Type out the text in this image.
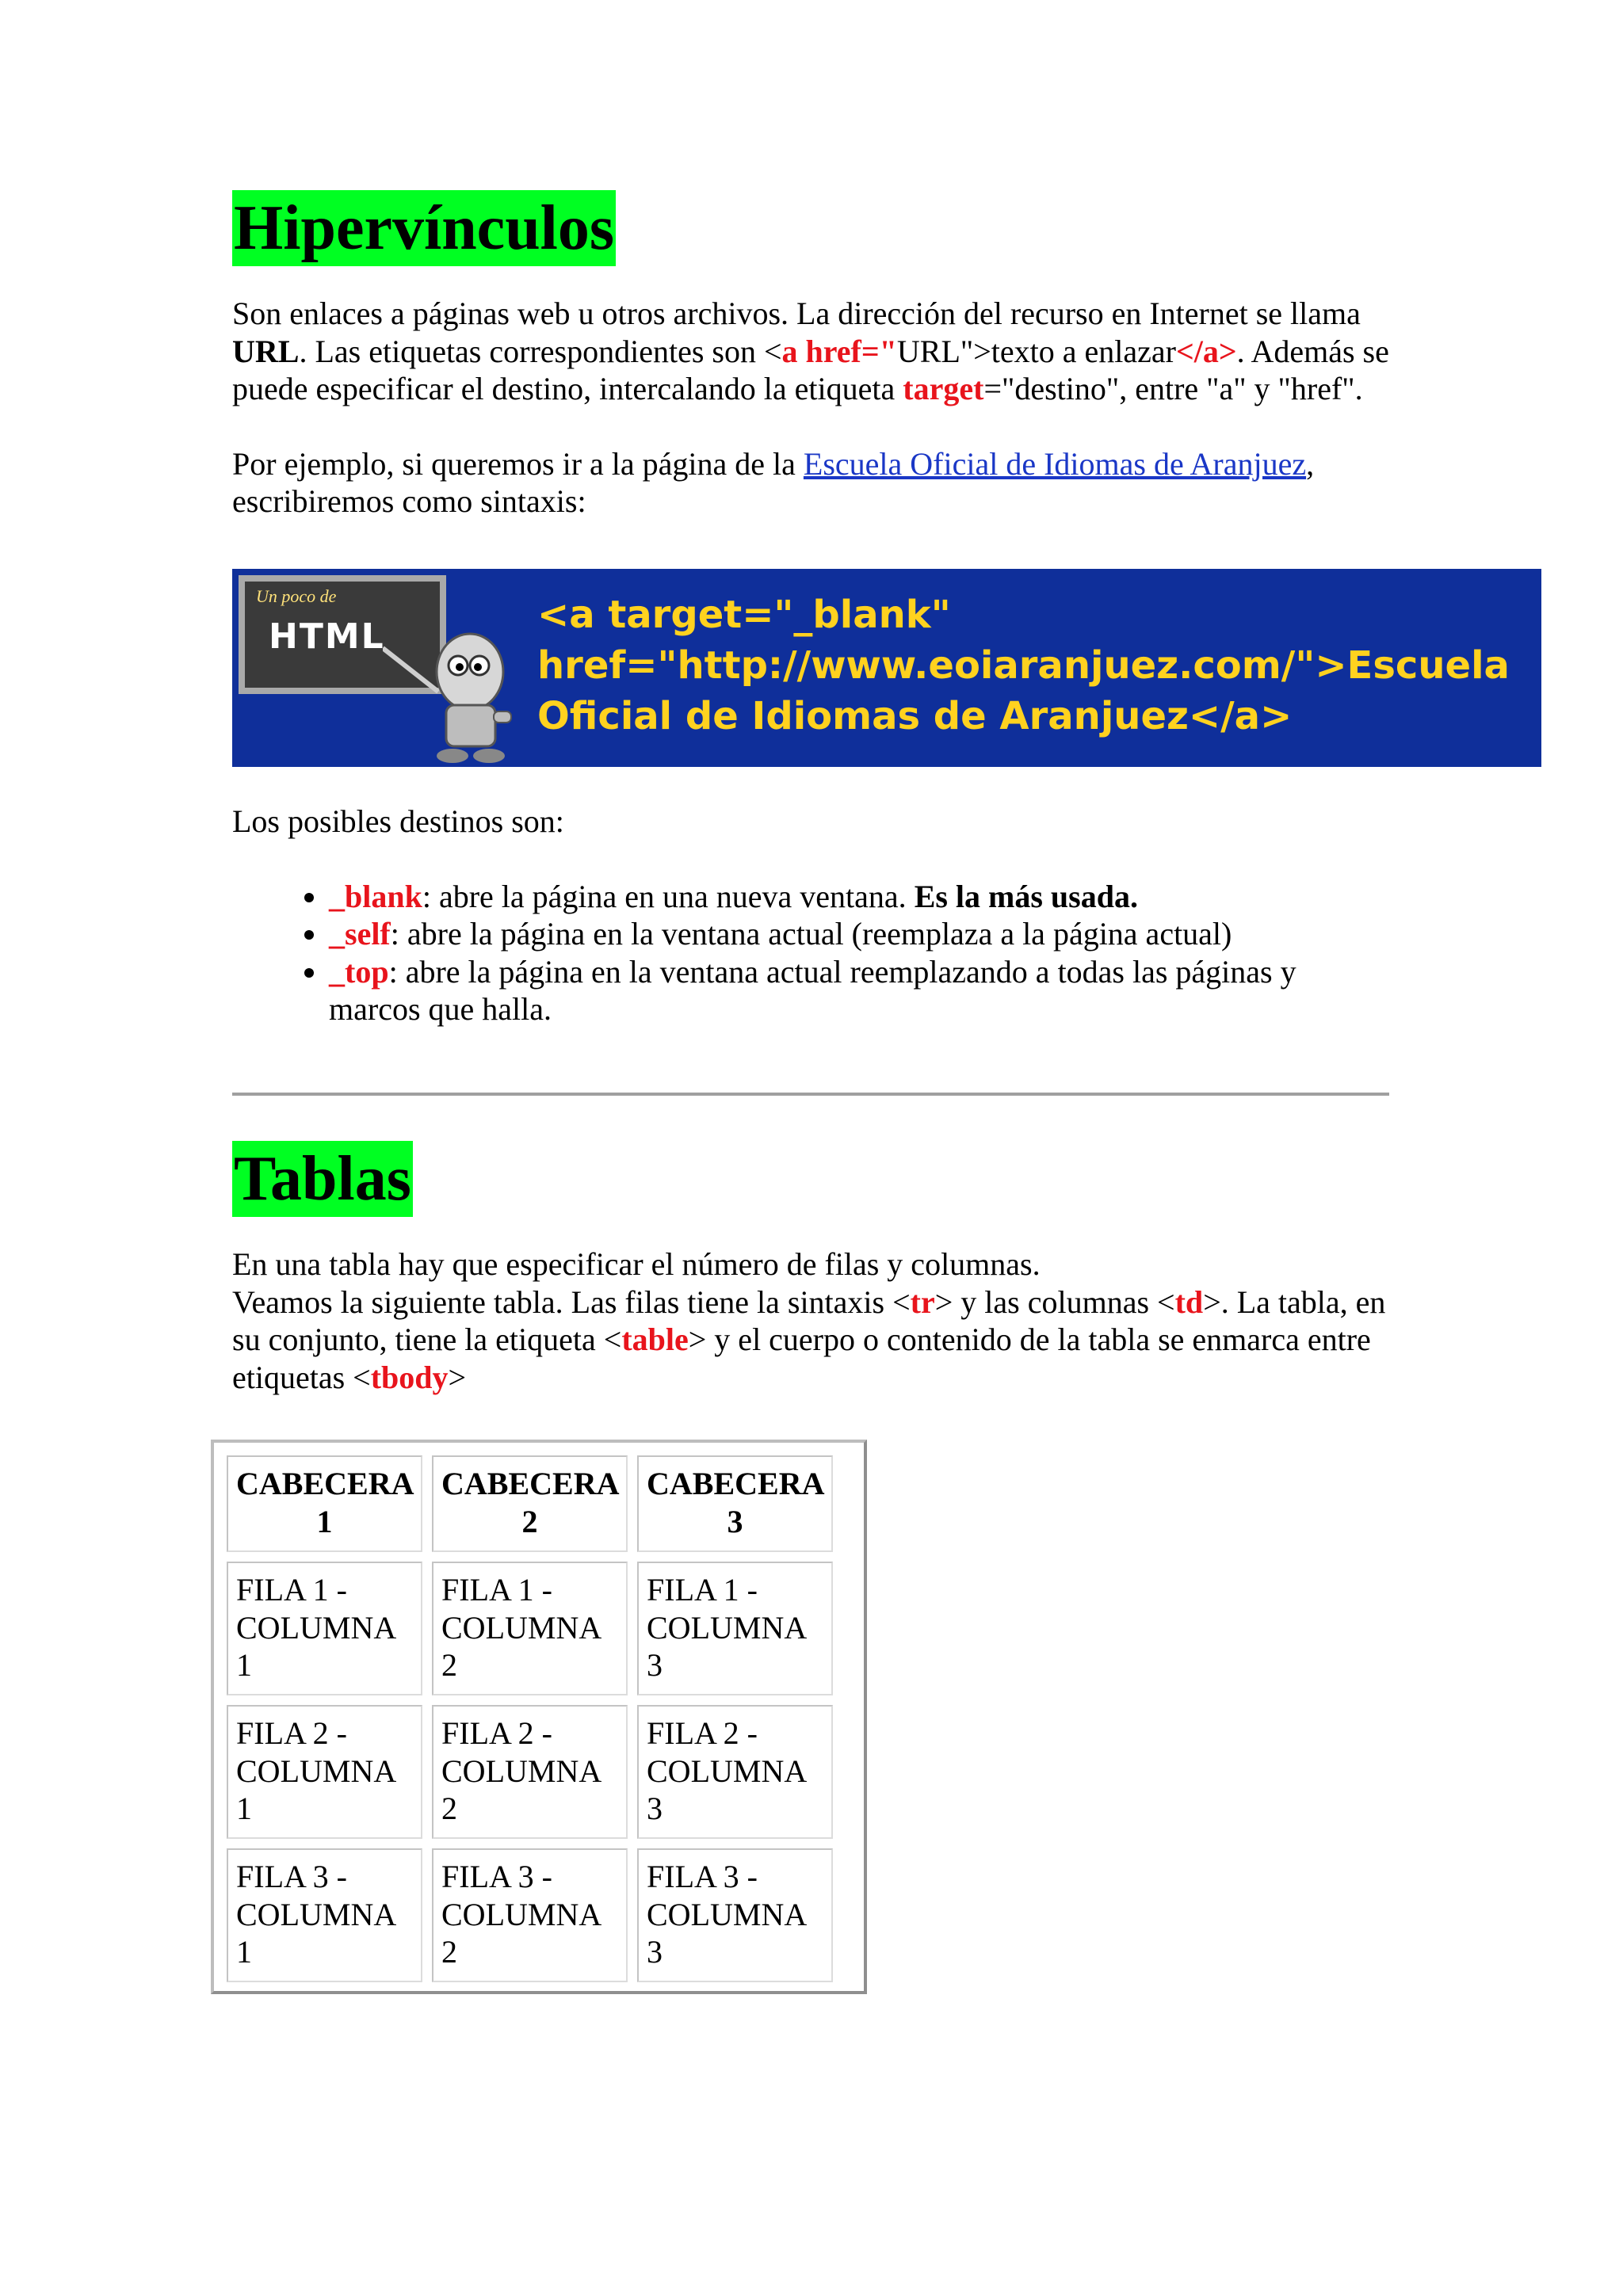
Hipervínculos

Son enlaces a páginas web u otros archivos. La dirección del recurso en Internet se llama URL. Las etiquetas correspondientes son <a href="URL">texto a enlazar</a>. Además se puede especificar el destino, intercalando la etiqueta target="destino", entre "a" y "href".

Por ejemplo, si queremos ir a la página de la Escuela Oficial de Idiomas de Aranjuez, escribiremos como sintaxis:

Un poco de
HTML	<a target="_blank"
href="http://www.eoiaranjuez.com/">Escuela
Oficial de Idiomas de Aranjuez</a>

Los posibles destinos son:

• _blank: abre la página en una nueva ventana. Es la más usada.
• _self: abre la página en la ventana actual (reemplaza a la página actual)
• _top: abre la página en la ventana actual reemplazando a todas las páginas y marcos que halla.
Tablas

En una tabla hay que especificar el número de filas y columnas.
Veamos la siguiente tabla. Las filas tiene la sintaxis <tr> y las columnas <td>. La tabla, en su conjunto, tiene la etiqueta <table> y el cuerpo o contenido de la tabla se enmarca entre etiquetas <tbody>

CABECERA 1	CABECERA 2	CABECERA 3
FILA 1 - COLUMNA 1	FILA 1 - COLUMNA 2	FILA 1 - COLUMNA 3
FILA 2 - COLUMNA 1	FILA 2 - COLUMNA 2	FILA 2 - COLUMNA 3
FILA 3 - COLUMNA 1	FILA 3 - COLUMNA 2	FILA 3 - COLUMNA 3
